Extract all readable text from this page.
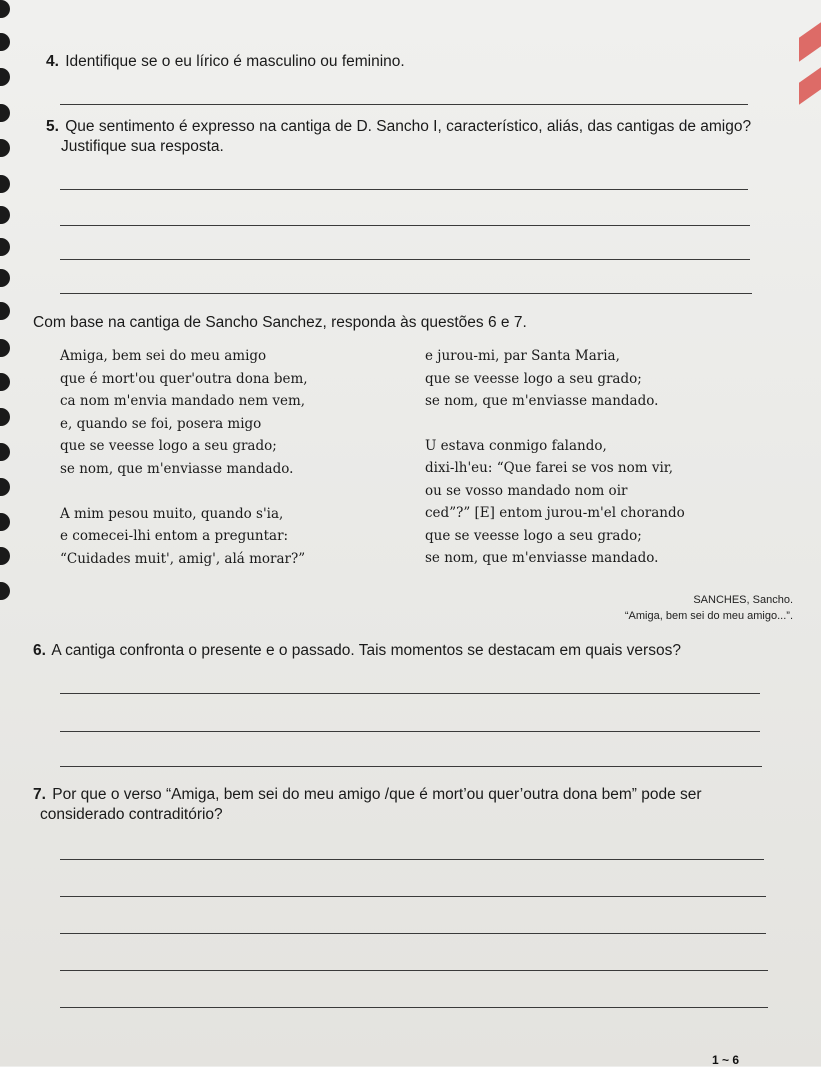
4. Identifique se o eu lírico é masculino ou feminino.

5. Que sentimento é expresso na cantiga de D. Sancho I, característico, aliás, das cantigas de amigo?
Justifique sua resposta.

Com base na cantiga de Sancho Sanchez, responda às questões 6 e 7.

Amiga, bem sei do meu amigo
que é mort'ou quer'outra dona bem,
ca nom m'envia mandado nem vem,
e, quando se foi, posera migo
que se veesse logo a seu grado;
se nom, que m'enviasse mandado.

A mim pesou muito, quando s'ia,
e comecei-lhi entom a preguntar:
“Cuidades muit', amig', alá morar?”

e jurou-mi, par Santa Maria,
que se veesse logo a seu grado;
se nom, que m'enviasse mandado.

U estava conmigo falando,
dixi-lh'eu: “Que farei se vos nom vir,
ou se vosso mandado nom oir
ced”?” [E] entom jurou-m'el chorando
que se veesse logo a seu grado;
se nom, que m'enviasse mandado.

SANCHES, Sancho.
“Amiga, bem sei do meu amigo...”.

6. A cantiga confronta o presente e o passado. Tais momentos se destacam em quais versos?

7. Por que o verso “Amiga, bem sei do meu amigo /que é mort’ou quer’outra dona bem” pode ser
considerado contraditório?

1 ~ 6
